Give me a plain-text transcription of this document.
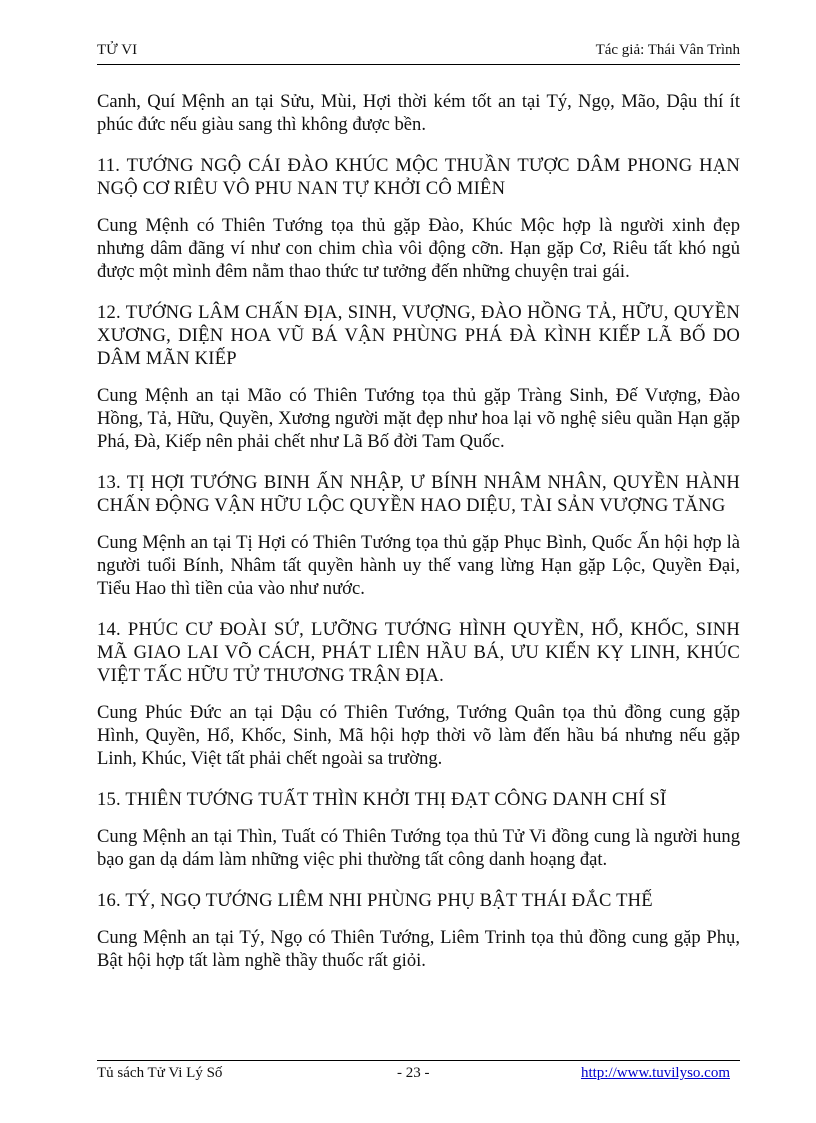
TỬ VI	Tác giả: Thái Vân Trình

Canh, Quí Mệnh an tại Sửu, Mùi, Hợi thời kém tốt an tại Tý, Ngọ, Mão, Dậu thí ít phúc đức nếu giàu sang thì không được bền.

11. TƯỚNG NGỘ CÁI ĐÀO KHÚC MỘC THUẦN TƯỢC DÂM PHONG HẠN NGỘ CƠ RIÊU VÔ PHU NAN TỰ KHỞI CÔ MIÊN

Cung Mệnh có Thiên Tướng tọa thủ gặp Đào, Khúc Mộc hợp là người xinh đẹp nhưng dâm đãng ví như con chim chìa vôi động cỡn. Hạn gặp Cơ, Riêu tất khó ngủ được một mình đêm nằm thao thức tư tưởng đến những chuyện trai gái.

12. TƯỚNG LÂM CHẤN ĐỊA, SINH, VƯỢNG, ĐÀO HỒNG TẢ, HỮU, QUYỀN XƯƠNG, DIỆN HOA VŨ BÁ VẬN PHÙNG PHÁ ĐÀ KÌNH KIẾP LÃ BỐ DO DÂM MÃN KIẾP

Cung Mệnh an tại Mão có Thiên Tướng tọa thủ gặp Tràng Sinh, Đế Vượng, Đào Hồng, Tả, Hữu, Quyền, Xương người mặt đẹp như hoa lại võ nghệ siêu quần Hạn gặp Phá, Đà, Kiếp nên phải chết như Lã Bố đời Tam Quốc.

13. TỊ HỢI TƯỚNG BINH ẤN NHẬP, Ư BÍNH NHÂM NHÂN, QUYỀN HÀNH CHẤN ĐỘNG VẬN HỮU LỘC QUYỀN HAO DIỆU, TÀI SẢN VƯỢNG TĂNG

Cung Mệnh an tại Tị Hợi có Thiên Tướng tọa thủ gặp Phục Bình, Quốc Ấn hội hợp là người tuổi Bính, Nhâm tất quyền hành uy thế vang lừng Hạn gặp Lộc, Quyền Đại, Tiểu Hao thì tiền của vào như nước.

14. PHÚC CƯ ĐOÀI SỨ, LƯỠNG TƯỚNG HÌNH QUYỀN, HỔ, KHỐC, SINH MÃ GIAO LAI VÕ CÁCH, PHÁT LIÊN HẦU BÁ, ƯU KIẾN KỴ LINH, KHÚC VIỆT TẤC HỮU TỬ THƯƠNG TRẬN ĐỊA.

Cung Phúc Đức an tại Dậu có Thiên Tướng, Tướng Quân tọa thủ đồng cung gặp Hình, Quyền, Hổ, Khốc, Sinh, Mã hội hợp thời võ làm đến hầu bá nhưng nếu gặp Linh, Khúc, Việt tất phải chết ngoài sa trường.

15. THIÊN TƯỚNG TUẤT THÌN KHỞI THỊ ĐẠT CÔNG DANH CHÍ SĨ

Cung Mệnh an tại Thìn, Tuất có Thiên Tướng tọa thủ Tử Vi đồng cung là người hung bạo gan dạ dám làm những việc phi thường tất công danh hoạng đạt.

16. TÝ, NGỌ TƯỚNG LIÊM NHI PHÙNG PHỤ BẬT THÁI ĐẮC THẾ

Cung Mệnh an tại Tý, Ngọ có Thiên Tướng, Liêm Trinh tọa thủ đồng cung gặp Phụ, Bật hội hợp tất làm nghề thầy thuốc rất giỏi.

Tủ sách Tử Vi Lý Số	- 23 -	http://www.tuvilyso.com
